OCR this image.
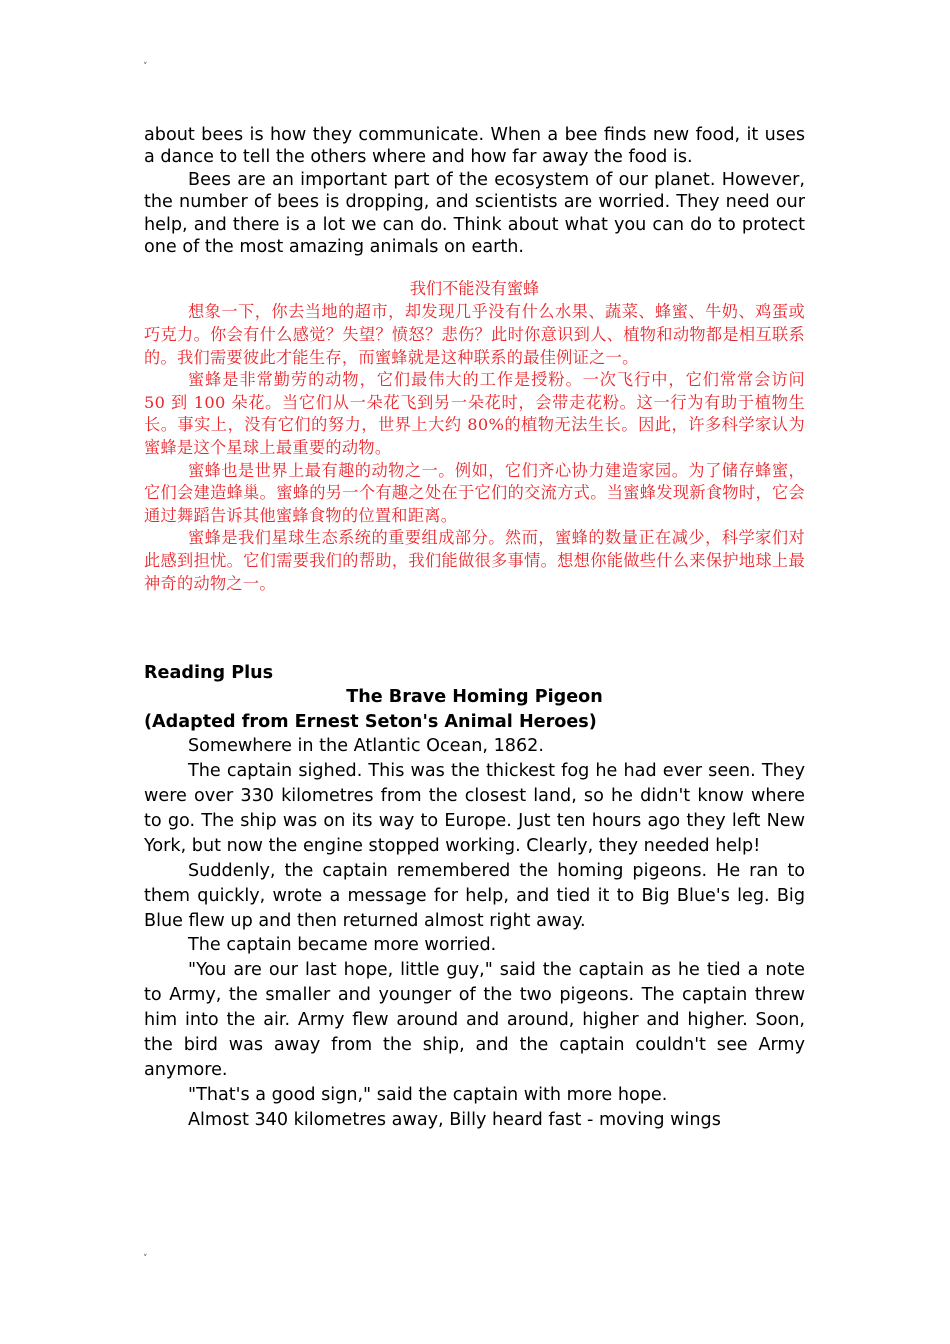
˅

about bees is how they communicate. When a bee finds new food, it uses a dance to tell the others where and how far away the food is.

Bees are an important part of the ecosystem of our planet. However, the number of bees is dropping, and scientists are worried. They need our help, and there is a lot we can do. Think about what you can do to protect one of the most amazing animals on earth.

我们不能没有蜜蜂

想象一下，你去当地的超市，却发现几乎没有什么水果、蔬菜、蜂蜜、牛奶、鸡蛋或巧克力。你会有什么感觉？失望？愤怒？悲伤？此时你意识到人、植物和动物都是相互联系的。我们需要彼此才能生存，而蜜蜂就是这种联系的最佳例证之一。

蜜蜂是非常勤劳的动物，它们最伟大的工作是授粉。一次飞行中，它们常常会访问 50 到 100 朵花。当它们从一朵花飞到另一朵花时，会带走花粉。这一行为有助于植物生长。事实上，没有它们的努力，世界上大约 80%的植物无法生长。因此，许多科学家认为蜜蜂是这个星球上最重要的动物。

蜜蜂也是世界上最有趣的动物之一。例如，它们齐心协力建造家园。为了储存蜂蜜，它们会建造蜂巢。蜜蜂的另一个有趣之处在于它们的交流方式。当蜜蜂发现新食物时，它会通过舞蹈告诉其他蜜蜂食物的位置和距离。

蜜蜂是我们星球生态系统的重要组成部分。然而，蜜蜂的数量正在减少，科学家们对此感到担忧。它们需要我们的帮助，我们能做很多事情。想想你能做些什么来保护地球上最神奇的动物之一。

Reading Plus

The Brave Homing Pigeon

(Adapted from Ernest Seton's Animal Heroes)

Somewhere in the Atlantic Ocean, 1862.

The captain sighed. This was the thickest fog he had ever seen. They were over 330 kilometres from the closest land, so he didn't know where to go. The ship was on its way to Europe. Just ten hours ago they left New York, but now the engine stopped working. Clearly, they needed help!

Suddenly, the captain remembered the homing pigeons. He ran to them quickly, wrote a message for help, and tied it to Big Blue's leg. Big Blue flew up and then returned almost right away.

The captain became more worried.

"You are our last hope, little guy," said the captain as he tied a note to Army, the smaller and younger of the two pigeons. The captain threw him into the air. Army flew around and around, higher and higher. Soon, the bird was away from the ship, and the captain couldn't see Army anymore.

"That's a good sign," said the captain with more hope.

Almost 340 kilometres away, Billy heard fast - moving wings

˅
